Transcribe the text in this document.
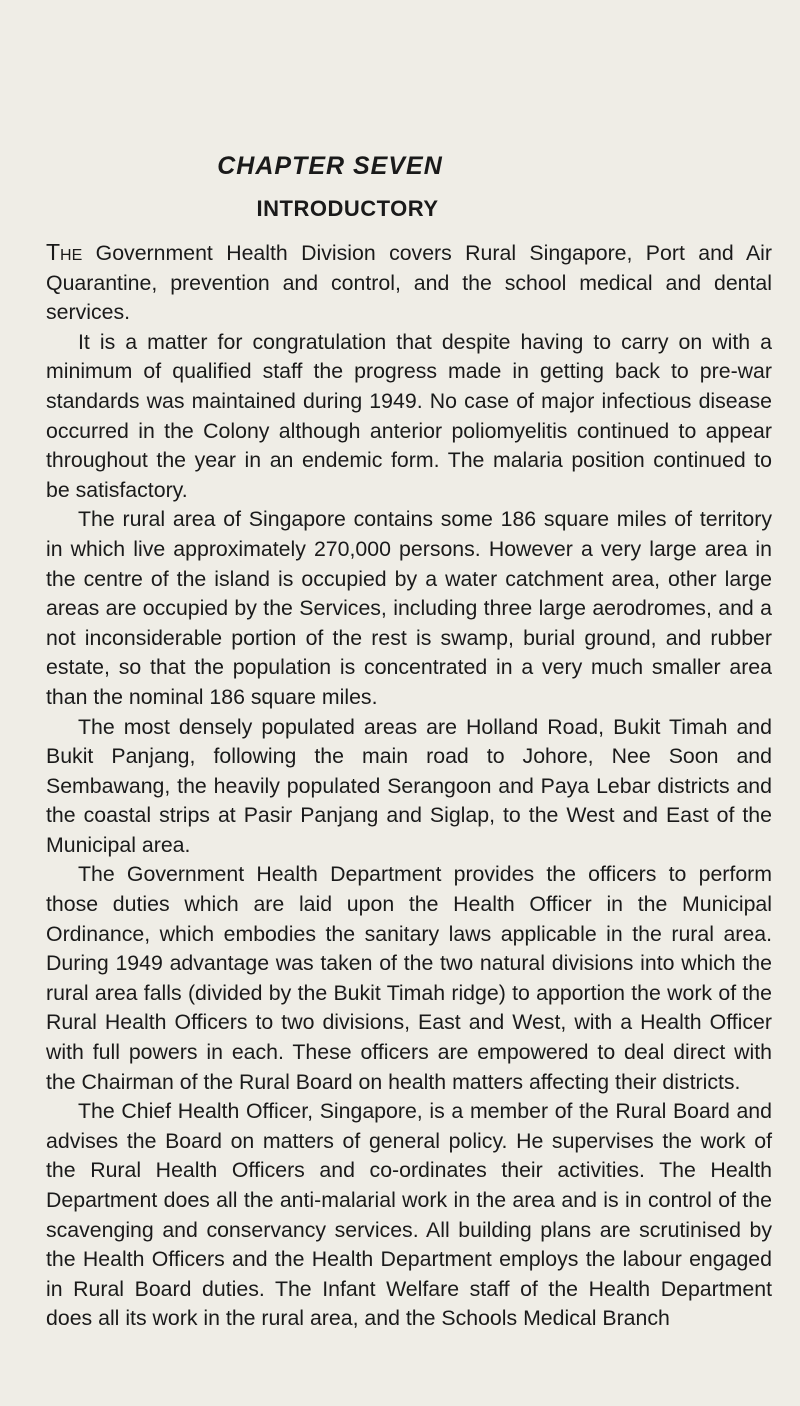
CHAPTER SEVEN
INTRODUCTORY

The Government Health Division covers Rural Singapore, Port and Air Quarantine, prevention and control, and the school medical and dental services.

It is a matter for congratulation that despite having to carry on with a minimum of qualified staff the progress made in getting back to pre-war standards was maintained during 1949. No case of major infectious disease occurred in the Colony although anterior poliomyelitis continued to appear throughout the year in an endemic form. The malaria position continued to be satisfactory.

The rural area of Singapore contains some 186 square miles of territory in which live approximately 270,000 persons. However a very large area in the centre of the island is occupied by a water catchment area, other large areas are occupied by the Services, including three large aerodromes, and a not inconsiderable portion of the rest is swamp, burial ground, and rubber estate, so that the population is concentrated in a very much smaller area than the nominal 186 square miles.

The most densely populated areas are Holland Road, Bukit Timah and Bukit Panjang, following the main road to Johore, Nee Soon and Sembawang, the heavily populated Serangoon and Paya Lebar districts and the coastal strips at Pasir Panjang and Siglap, to the West and East of the Municipal area.

The Government Health Department provides the officers to perform those duties which are laid upon the Health Officer in the Municipal Ordinance, which embodies the sanitary laws applicable in the rural area. During 1949 advantage was taken of the two natural divisions into which the rural area falls (divided by the Bukit Timah ridge) to apportion the work of the Rural Health Officers to two divisions, East and West, with a Health Officer with full powers in each. These officers are empowered to deal direct with the Chairman of the Rural Board on health matters affecting their districts.

The Chief Health Officer, Singapore, is a member of the Rural Board and advises the Board on matters of general policy. He supervises the work of the Rural Health Officers and co-ordinates their activities. The Health Department does all the anti-malarial work in the area and is in control of the scavenging and conservancy services. All building plans are scrutinised by the Health Officers and the Health Department employs the labour engaged in Rural Board duties. The Infant Welfare staff of the Health Department does all its work in the rural area, and the Schools Medical Branch
